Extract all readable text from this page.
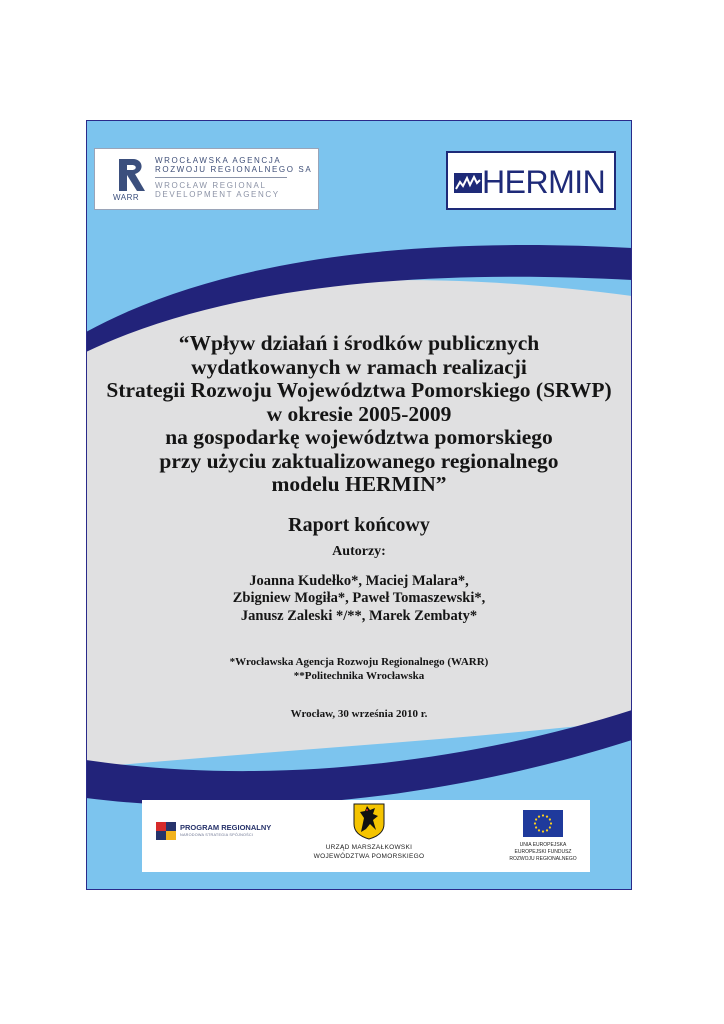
WARR
WROCŁAWSKA AGENCJA
ROZWOJU REGIONALNEGO SA
WROCŁAW REGIONAL
DEVELOPMENT AGENCY	HERMIN
“Wpływ działań i środków publicznych
wydatkowanych w ramach realizacji
Strategii Rozwoju Województwa Pomorskiego (SRWP)
w okresie 2005-2009
na gospodarkę województwa pomorskiego
przy użyciu zaktualizowanego regionalnego
modelu HERMIN”
Raport końcowy
Autorzy:
Joanna Kudełko*, Maciej Malara*,
Zbigniew Mogiła*, Paweł Tomaszewski*,
Janusz Zaleski */**, Marek Zembaty*
*Wrocławska Agencja Rozwoju Regionalnego (WARR)
**Politechnika Wrocławska
Wrocław, 30 września 2010 r.
PROGRAM REGIONALNY
NARODOWA STRATEGIA SPÓJNOŚCI
URZĄD MARSZAŁKOWSKI
WOJEWÓDZTWA POMORSKIEGO
UNIA EUROPEJSKA
EUROPEJSKI FUNDUSZ
ROZWOJU REGIONALNEGO
